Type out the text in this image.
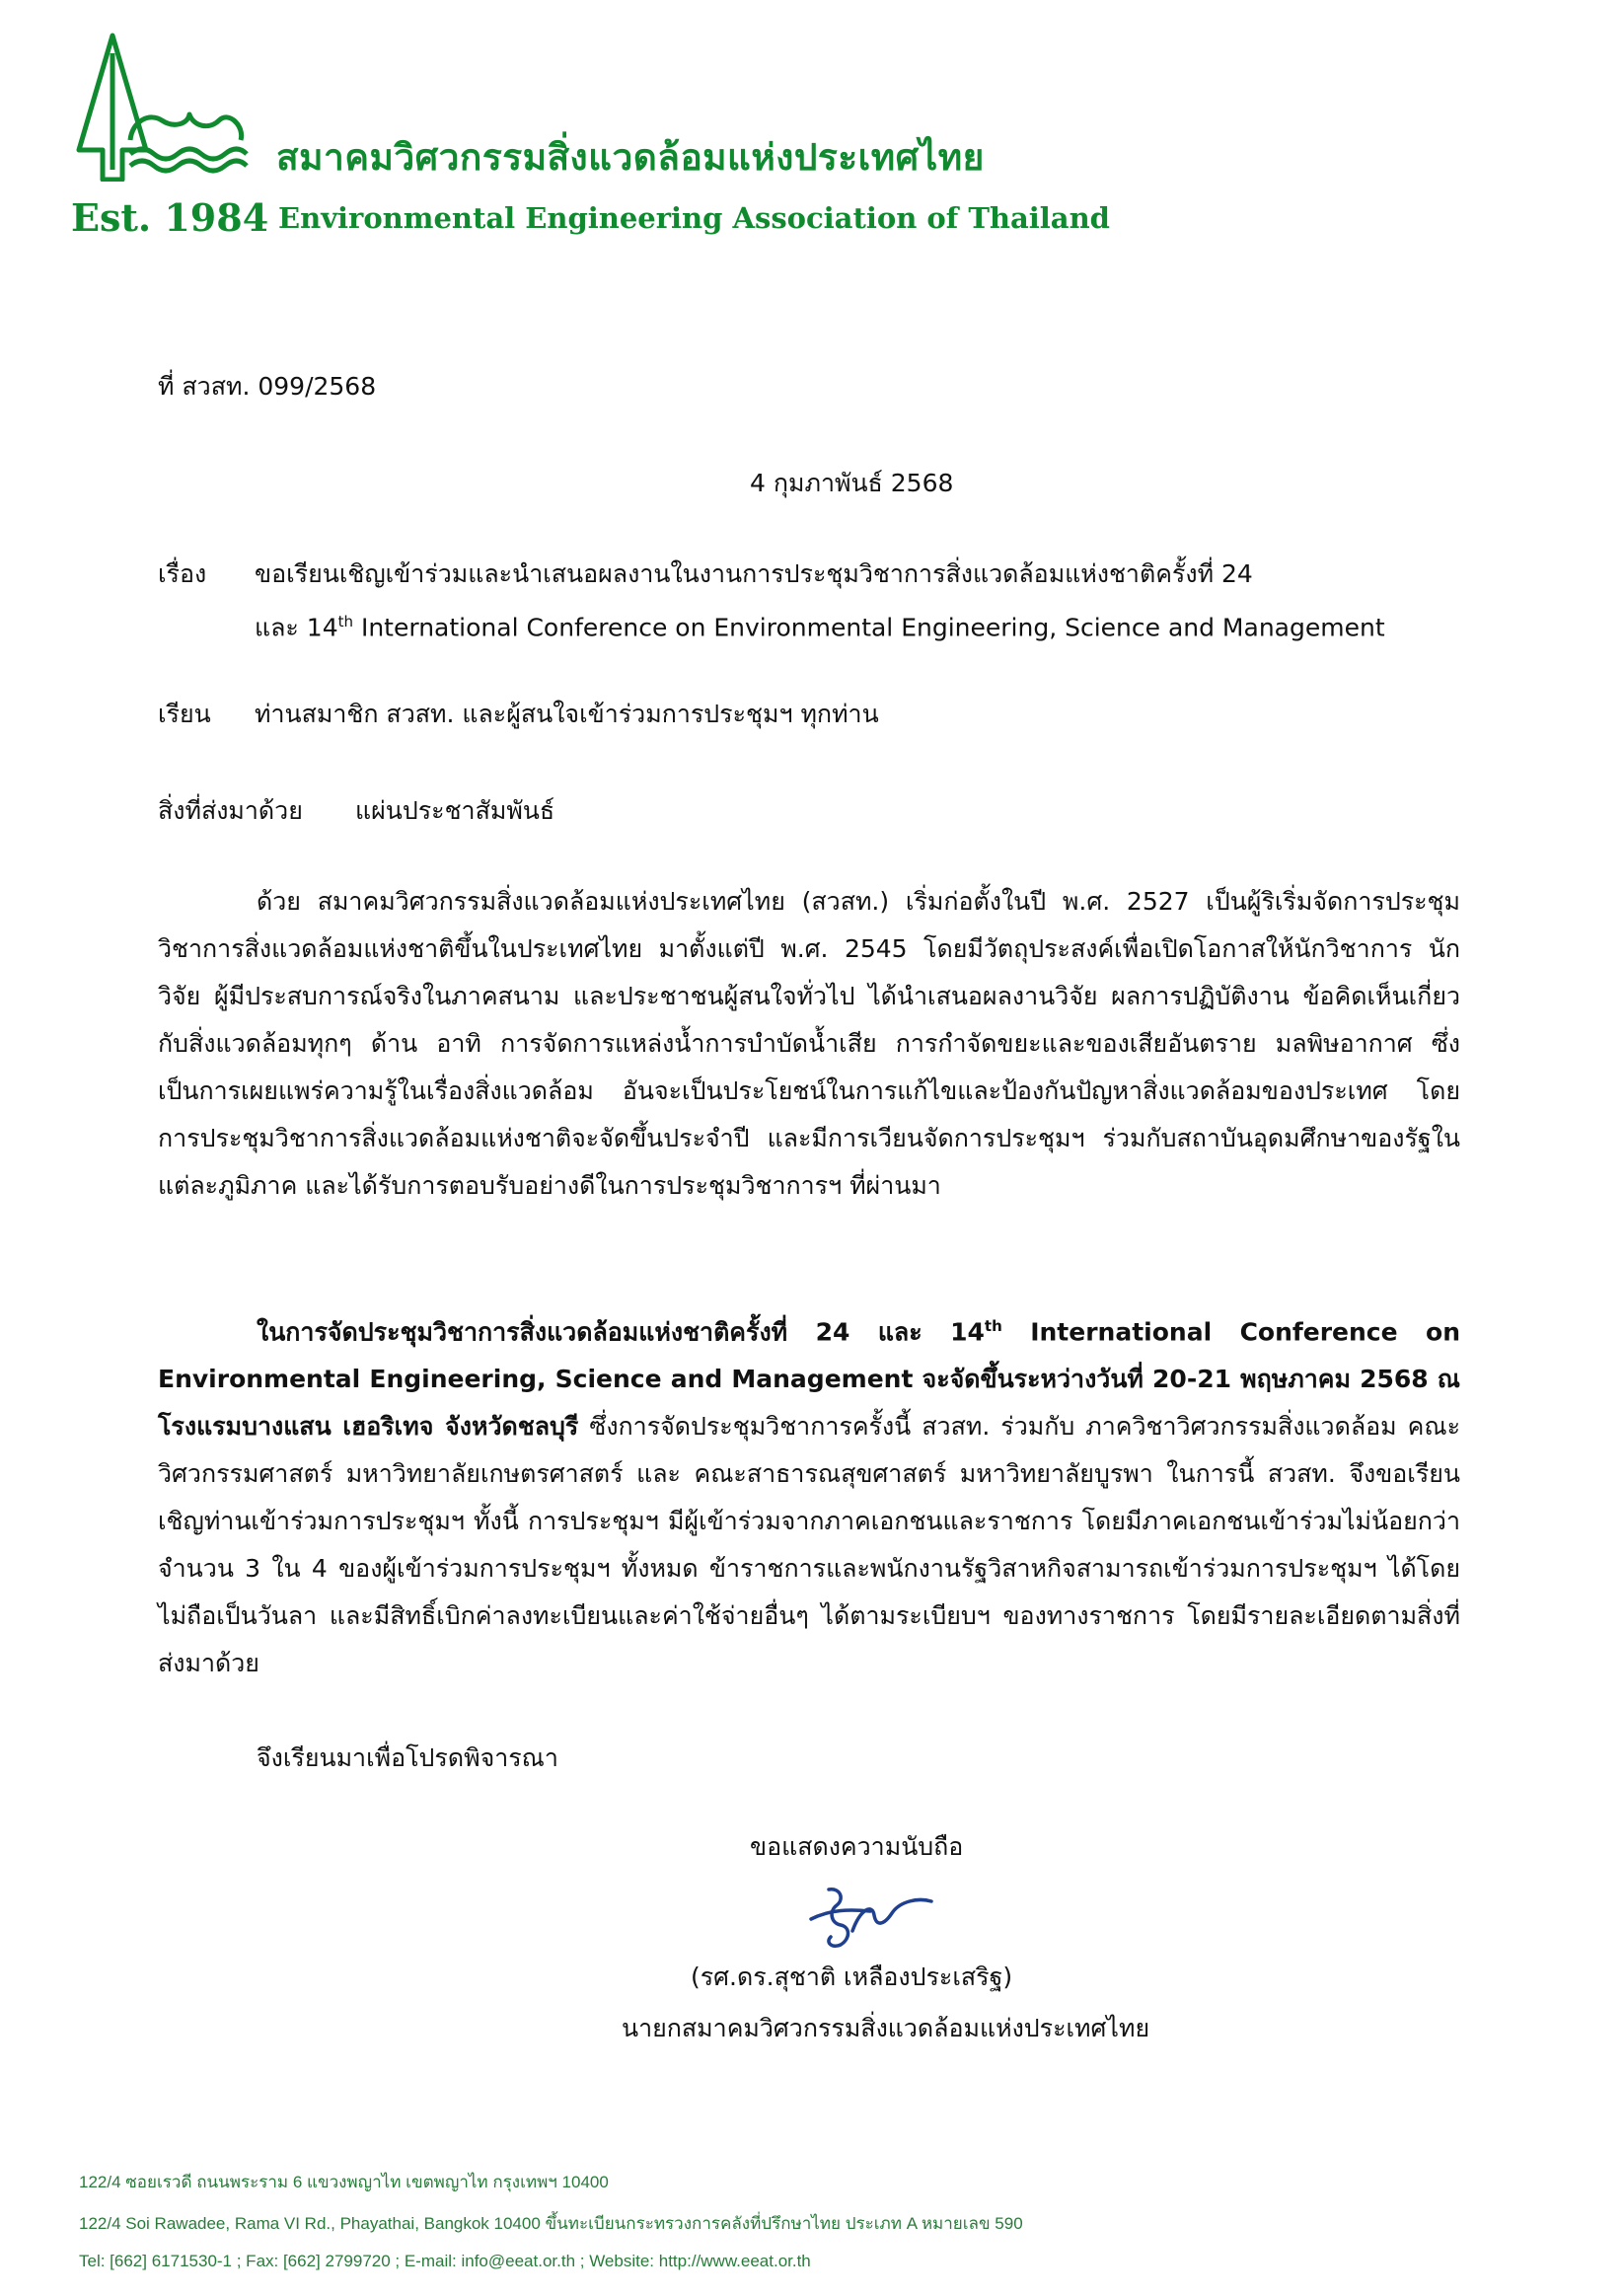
สมาคมวิศวกรรมสิ่งแวดล้อมแห่งประเทศไทย
Est. 1984 Environmental Engineering Association of Thailand
ที่ สวสท. 099/2568
4 กุมภาพันธ์ 2568
เรื่อง ขอเรียนเชิญเข้าร่วมและนำเสนอผลงานในงานการประชุมวิชาการสิ่งแวดล้อมแห่งชาติครั้งที่ 24
และ 14th International Conference on Environmental Engineering, Science and Management
เรียน ท่านสมาชิก สวสท. และผู้สนใจเข้าร่วมการประชุมฯ ทุกท่าน
สิ่งที่ส่งมาด้วย แผ่นประชาสัมพันธ์
ด้วย สมาคมวิศวกรรมสิ่งแวดล้อมแห่งประเทศไทย (สวสท.) เริ่มก่อตั้งในปี พ.ศ. 2527 เป็นผู้ริเริ่มจัดการประชุมวิชาการสิ่งแวดล้อมแห่งชาติขึ้นในประเทศไทย มาตั้งแต่ปี พ.ศ. 2545 โดยมีวัตถุประสงค์เพื่อเปิดโอกาสให้นักวิชาการ นักวิจัย ผู้มีประสบการณ์จริงในภาคสนาม และประชาชนผู้สนใจทั่วไป ได้นำเสนอผลงานวิจัย ผลการปฏิบัติงาน ข้อคิดเห็นเกี่ยวกับสิ่งแวดล้อมทุกๆ ด้าน อาทิ การจัดการแหล่งน้ำการบำบัดน้ำเสีย การกำจัดขยะและของเสียอันตราย มลพิษอากาศ ซึ่งเป็นการเผยแพร่ความรู้ในเรื่องสิ่งแวดล้อม อันจะเป็นประโยชน์ในการแก้ไขและป้องกันปัญหาสิ่งแวดล้อมของประเทศ โดยการประชุมวิชาการสิ่งแวดล้อมแห่งชาติจะจัดขึ้นประจำปี และมีการเวียนจัดการประชุมฯ ร่วมกับสถาบันอุดมศึกษาของรัฐในแต่ละภูมิภาค และได้รับการตอบรับอย่างดีในการประชุมวิชาการฯ ที่ผ่านมา
ในการจัดประชุมวิชาการสิ่งแวดล้อมแห่งชาติครั้งที่ 24 และ 14th International Conference on Environmental Engineering, Science and Management จะจัดขึ้นระหว่างวันที่ 20-21 พฤษภาคม 2568 ณ โรงแรมบางแสน เฮอริเทจ จังหวัดชลบุรี ซึ่งการจัดประชุมวิชาการครั้งนี้ สวสท. ร่วมกับ ภาควิชาวิศวกรรมสิ่งแวดล้อม คณะวิศวกรรมศาสตร์ มหาวิทยาลัยเกษตรศาสตร์ และ คณะสาธารณสุขศาสตร์ มหาวิทยาลัยบูรพา ในการนี้ สวสท. จึงขอเรียนเชิญท่านเข้าร่วมการประชุมฯ ทั้งนี้ การประชุมฯ มีผู้เข้าร่วมจากภาคเอกชนและราชการ โดยมีภาคเอกชนเข้าร่วมไม่น้อยกว่าจำนวน 3 ใน 4 ของผู้เข้าร่วมการประชุมฯ ทั้งหมด ข้าราชการและพนักงานรัฐวิสาหกิจสามารถเข้าร่วมการประชุมฯ ได้โดยไม่ถือเป็นวันลา และมีสิทธิ์เบิกค่าลงทะเบียนและค่าใช้จ่ายอื่นๆ ได้ตามระเบียบฯ ของทางราชการ โดยมีรายละเอียดตามสิ่งที่ส่งมาด้วย
จึงเรียนมาเพื่อโปรดพิจารณา
ขอแสดงความนับถือ
(รศ.ดร.สุชาติ เหลืองประเสริฐ)
นายกสมาคมวิศวกรรมสิ่งแวดล้อมแห่งประเทศไทย
122/4 ซอยเรวดี ถนนพระราม 6 แขวงพญาไท เขตพญาไท กรุงเทพฯ 10400
122/4 Soi Rawadee, Rama VI Rd., Phayathai, Bangkok 10400 ขึ้นทะเบียนกระทรวงการคลังที่ปรึกษาไทย ประเภท A หมายเลข 590
Tel: [662] 6171530-1 ; Fax: [662] 2799720 ; E-mail: info@eeat.or.th ; Website: http://www.eeat.or.th
